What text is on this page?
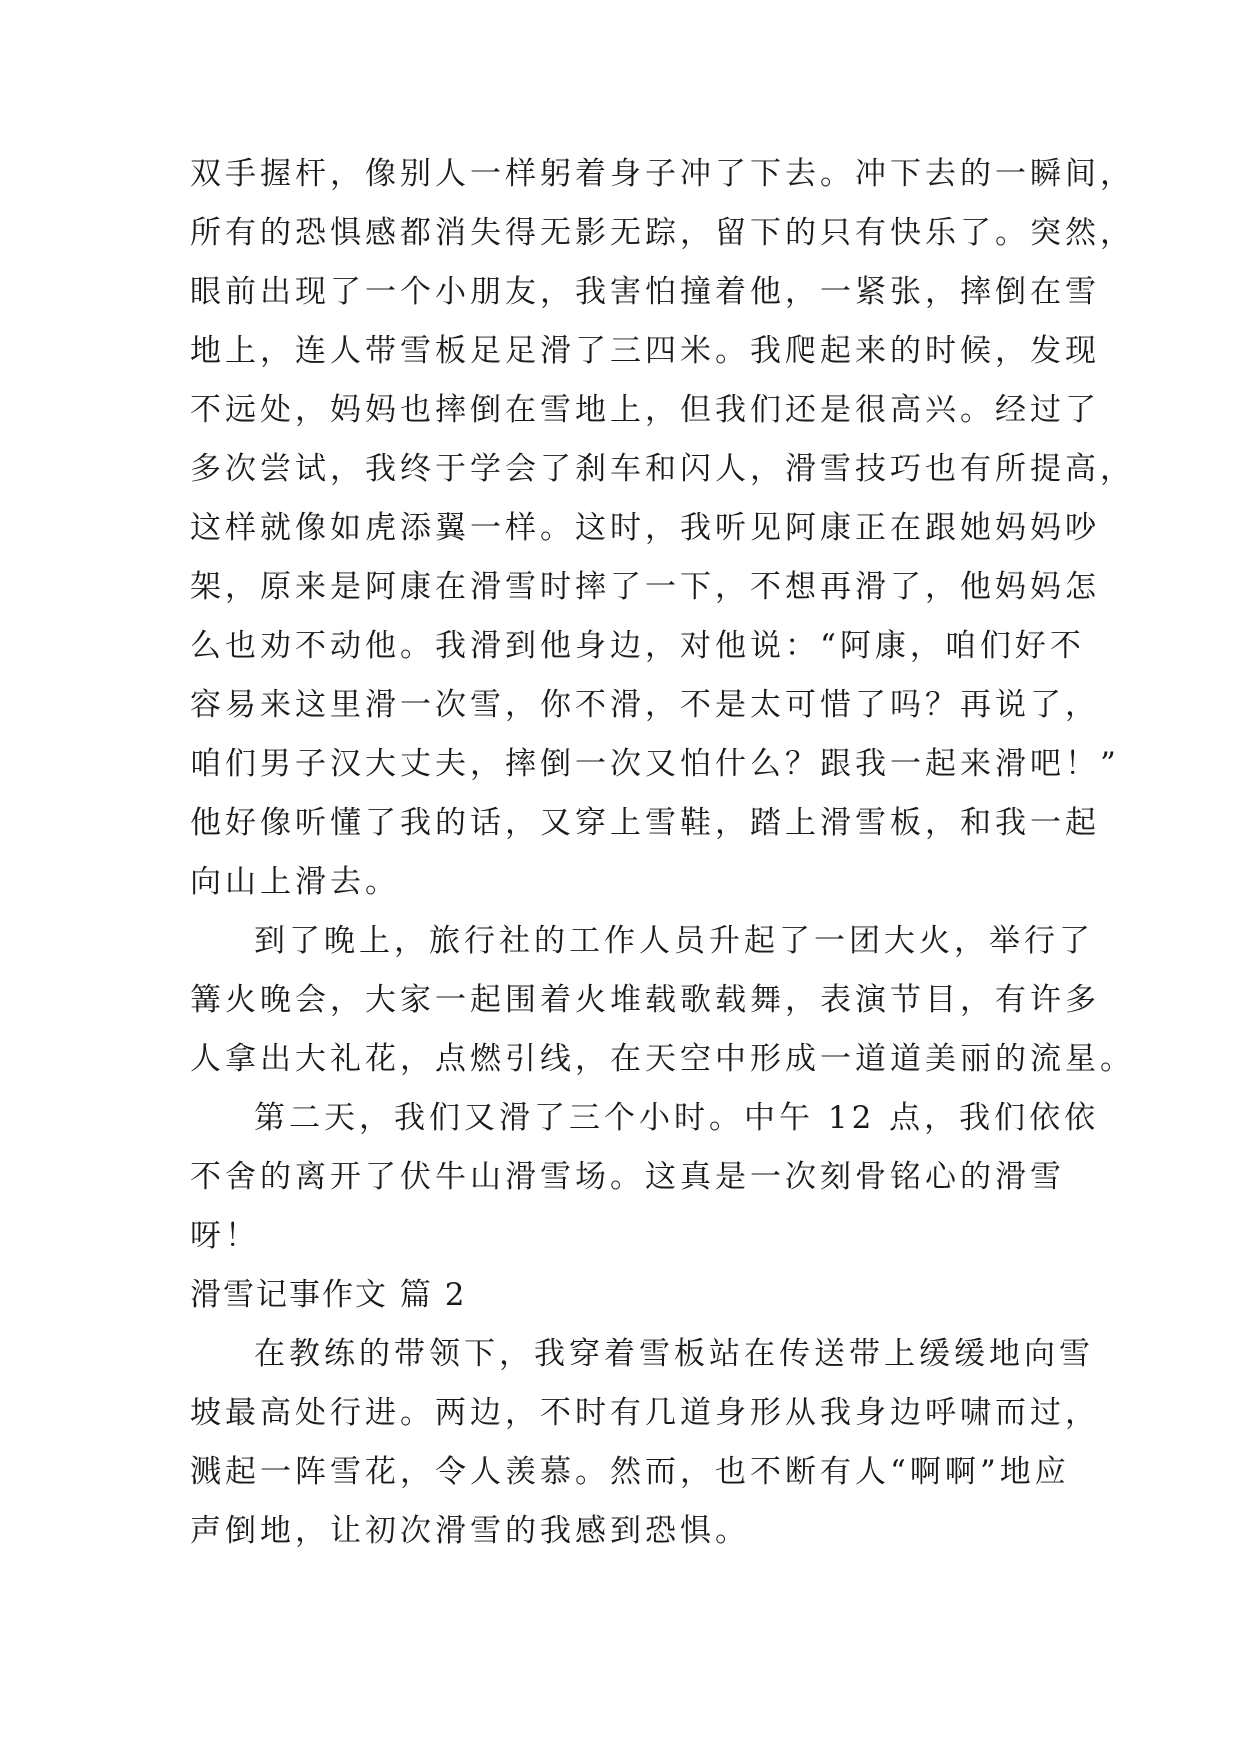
双手握杆，像别人一样躬着身子冲了下去。冲下去的一瞬间，
所有的恐惧感都消失得无影无踪，留下的只有快乐了。突然，
眼前出现了一个小朋友，我害怕撞着他，一紧张，摔倒在雪
地上，连人带雪板足足滑了三四米。我爬起来的时候，发现
不远处，妈妈也摔倒在雪地上，但我们还是很高兴。经过了
多次尝试，我终于学会了刹车和闪人，滑雪技巧也有所提高，
这样就像如虎添翼一样。这时，我听见阿康正在跟她妈妈吵
架，原来是阿康在滑雪时摔了一下，不想再滑了，他妈妈怎
么也劝不动他。我滑到他身边，对他说：“阿康，咱们好不
容易来这里滑一次雪，你不滑，不是太可惜了吗？再说了，
咱们男子汉大丈夫，摔倒一次又怕什么？跟我一起来滑吧！”
他好像听懂了我的话，又穿上雪鞋，踏上滑雪板，和我一起
向山上滑去。
到了晚上，旅行社的工作人员升起了一团大火，举行了
篝火晚会，大家一起围着火堆载歌载舞，表演节目，有许多
人拿出大礼花，点燃引线，在天空中形成一道道美丽的流星。
第二天，我们又滑了三个小时。中午 12 点，我们依依
不舍的离开了伏牛山滑雪场。这真是一次刻骨铭心的滑雪
呀！
滑雪记事作文 篇 2
在教练的带领下，我穿着雪板站在传送带上缓缓地向雪
坡最高处行进。两边，不时有几道身形从我身边呼啸而过，
溅起一阵雪花，令人羡慕。然而，也不断有人“啊啊”地应
声倒地，让初次滑雪的我感到恐惧。
